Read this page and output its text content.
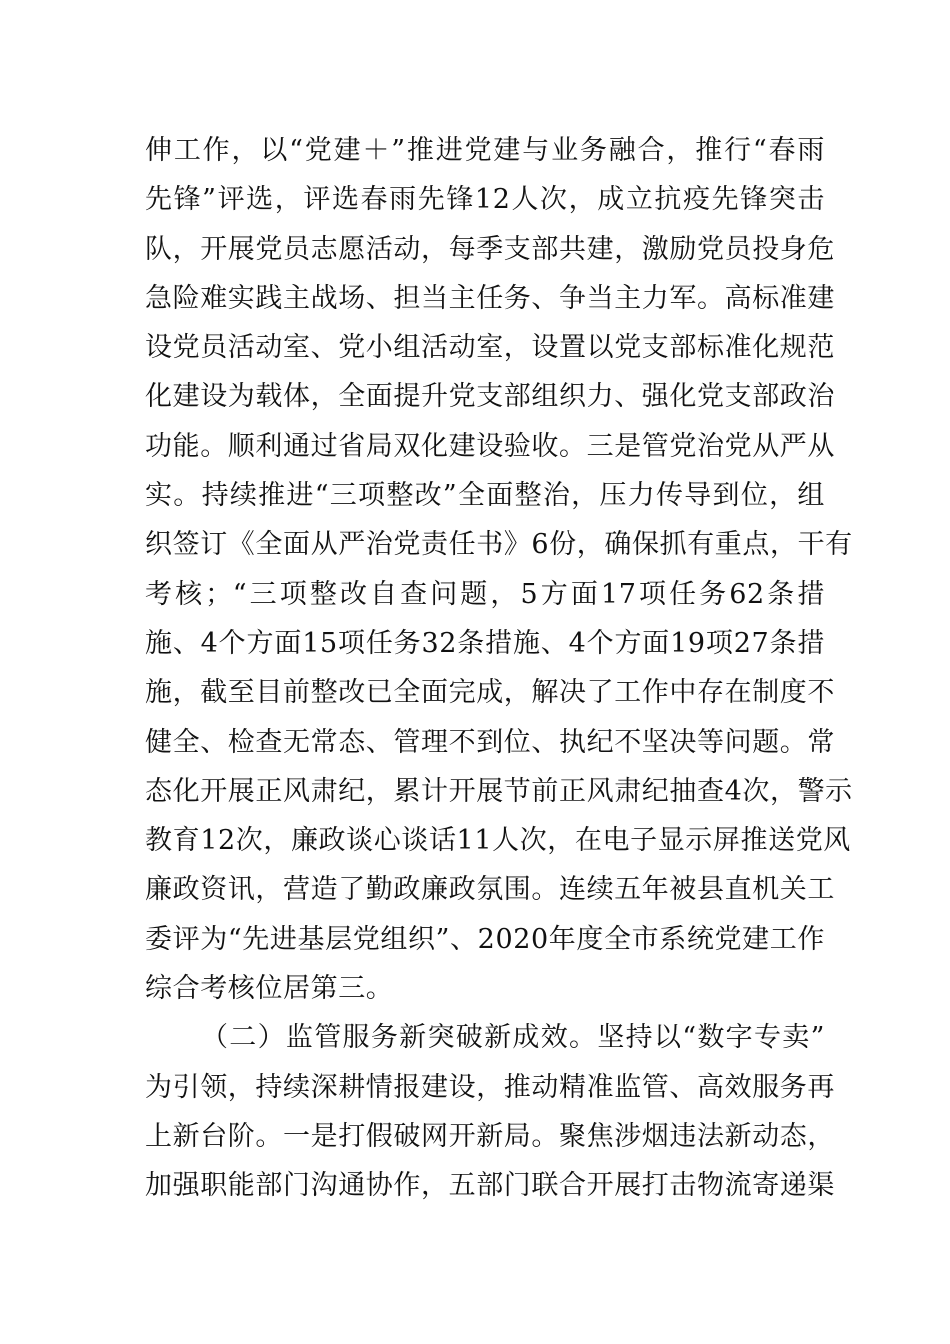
伸工作，以“党建＋”推进党建与业务融合，推行“春雨
先锋”评选，评选春雨先锋12人次，成立抗疫先锋突击
队，开展党员志愿活动，每季支部共建，激励党员投身危
急险难实践主战场、担当主任务、争当主力军。高标准建
设党员活动室、党小组活动室，设置以党支部标准化规范
化建设为载体，全面提升党支部组织力、强化党支部政治
功能。顺利通过省局双化建设验收。三是管党治党从严从
实。持续推进“三项整改”全面整治，压力传导到位，组
织签订《全面从严治党责任书》6份，确保抓有重点，干有
考核；“三项整改自查问题，5方面17项任务62条措
施、4个方面15项任务32条措施、4个方面19项27条措
施，截至目前整改已全面完成，解决了工作中存在制度不
健全、检查无常态、管理不到位、执纪不坚决等问题。常
态化开展正风肃纪，累计开展节前正风肃纪抽查4次，警示
教育12次，廉政谈心谈话11人次，在电子显示屏推送党风
廉政资讯，营造了勤政廉政氛围。连续五年被县直机关工
委评为“先进基层党组织”、2020年度全市系统党建工作
综合考核位居第三。
（二）监管服务新突破新成效。坚持以“数字专卖”
为引领，持续深耕情报建设，推动精准监管、高效服务再
上新台阶。一是打假破网开新局。聚焦涉烟违法新动态，
加强职能部门沟通协作，五部门联合开展打击物流寄递渠
